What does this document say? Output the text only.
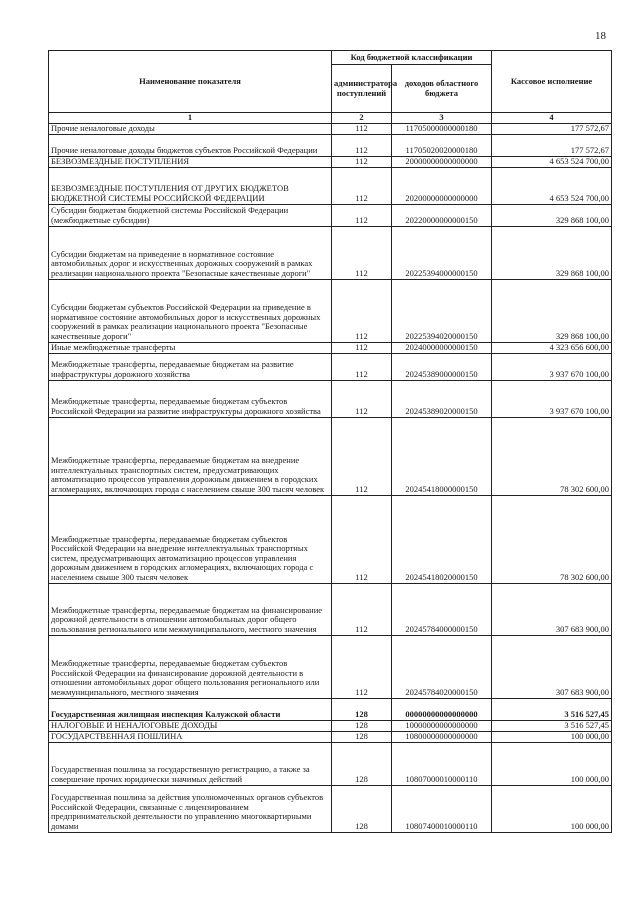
18
Наименование показателя	Код бюджетной классификации		Кассовое исполнение
	администратора поступлений	доходов областного бюджета	
1	2	3	4
Прочие неналоговые доходы	112	11705000000000180	177 572,67
Прочие неналоговые доходы бюджетов субъектов Российской Федерации	112	11705020020000180	177 572,67
БЕЗВОЗМЕЗДНЫЕ ПОСТУПЛЕНИЯ	112	20000000000000000	4 653 524 700,00
БЕЗВОЗМЕЗДНЫЕ ПОСТУПЛЕНИЯ ОТ ДРУГИХ БЮДЖЕТОВ БЮДЖЕТНОЙ СИСТЕМЫ РОССИЙСКОЙ ФЕДЕРАЦИИ	112	20200000000000000	4 653 524 700,00
Субсидии бюджетам бюджетной системы Российской Федерации (межбюджетные субсидии)	112	20220000000000150	329 868 100,00
Субсидии бюджетам на приведение в нормативное состояние автомобильных дорог и искусственных дорожных сооружений в рамках реализации национального проекта "Безопасные качественные дороги"	112	20225394000000150	329 868 100,00
Субсидии бюджетам субъектов Российской Федерации на приведение в нормативное состояние автомобильных дорог и искусственных дорожных сооружений в рамках реализации национального проекта "Безопасные качественные дороги"	112	20225394020000150	329 868 100,00
Иные межбюджетные трансферты	112	20240000000000150	4 323 656 600,00
Межбюджетные трансферты, передаваемые бюджетам на развитие инфраструктуры дорожного хозяйства	112	20245389000000150	3 937 670 100,00
Межбюджетные трансферты, передаваемые бюджетам субъектов Российской Федерации на развитие инфраструктуры дорожного хозяйства	112	20245389020000150	3 937 670 100,00
Межбюджетные трансферты, передаваемые бюджетам на внедрение интеллектуальных транспортных систем, предусматривающих автоматизацию процессов управления дорожным движением в городских агломерациях, включающих города с населением свыше 300 тысяч человек	112	20245418000000150	78 302 600,00
Межбюджетные трансферты, передаваемые бюджетам субъектов Российской Федерации на внедрение интеллектуальных транспортных систем, предусматривающих автоматизацию процессов управления дорожным движением в городских агломерациях, включающих города с населением свыше 300 тысяч человек	112	20245418020000150	78 302 600,00
Межбюджетные трансферты, передаваемые бюджетам на финансирование дорожной деятельности в отношении автомобильных дорог общего пользования регионального или межмуниципального, местного значения	112	20245784000000150	307 683 900,00
Межбюджетные трансферты, передаваемые бюджетам субъектов Российской Федерации на финансирование дорожной деятельности в отношении автомобильных дорог общего пользования регионального или межмуниципального, местного значения	112	20245784020000150	307 683 900,00
Государственная жилищная инспекция Калужской области	128	00000000000000000	3 516 527,45
НАЛОГОВЫЕ И НЕНАЛОГОВЫЕ ДОХОДЫ	128	10000000000000000	3 516 527,45
ГОСУДАРСТВЕННАЯ ПОШЛИНА	128	10800000000000000	100 000,00
Государственная пошлина за государственную регистрацию, а также за совершение прочих юридически значимых действий	128	10807000010000110	100 000,00
Государственная пошлина за действия уполномоченных органов субъектов Российской Федерации, связанные с лицензированием предпринимательской деятельности по управлению многоквартирными домами	128	10807400010000110	100 000,00
